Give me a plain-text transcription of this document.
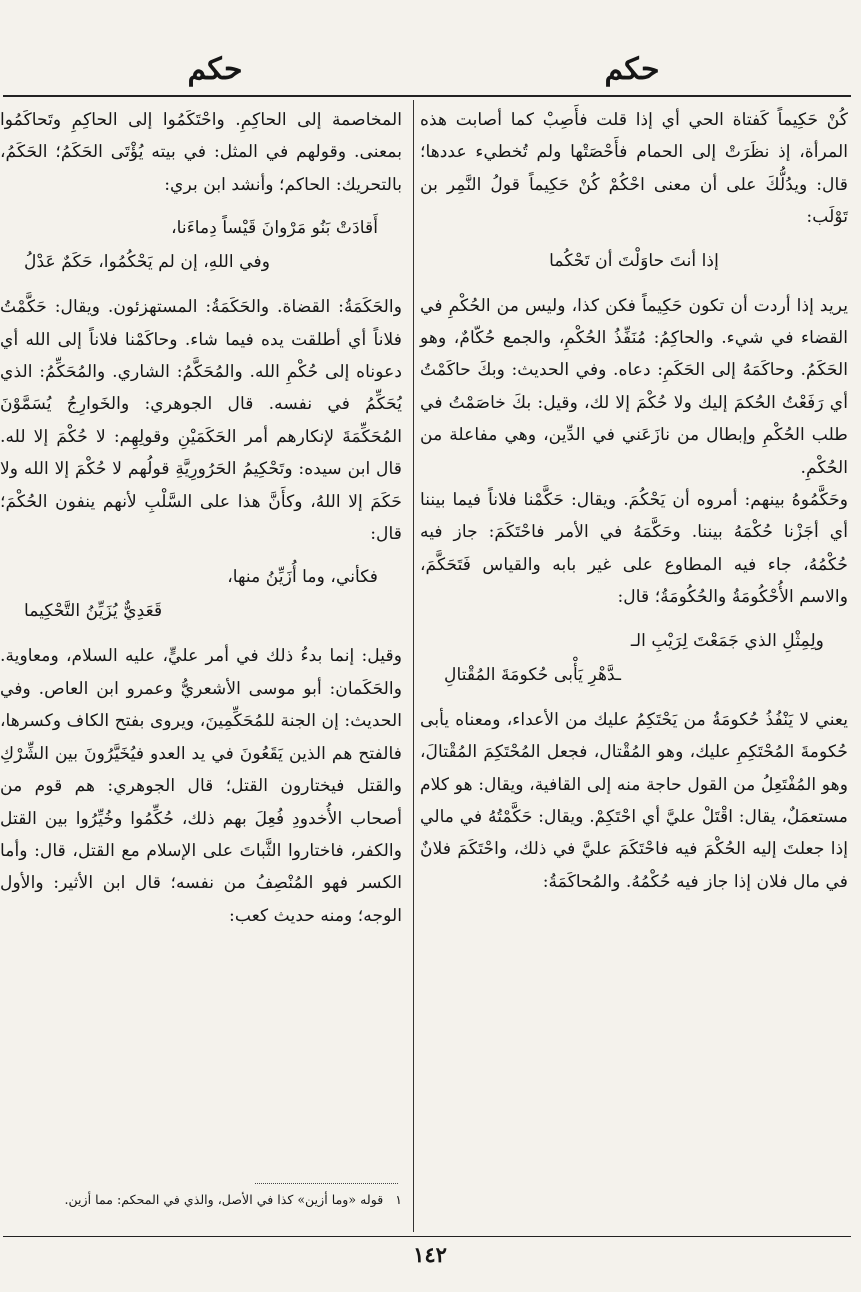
حكم
حكم

كُنْ حَكِيماً كَفتاة الحي أي إذا قلت فأَصِبْ كما أصابت هذه المرأة، إذ نظَرَتْ إلى الحمام فأَحْصَتْها ولم تُخطيء عددها؛ قال: ويدُلُّكَ على أن معنى احْكُمْ كُنْ حَكِيماً قولُ النَّمِر بن تَوْلَب:

إذا أنتَ حاوَلْتَ أن تَحْكُما

يريد إذا أردت أن تكون حَكِيماً فكن كذا، وليس من الحُكْمِ في القضاء في شيء. والحاكِمُ: مُنَفِّذُ الحُكْمِ، والجمع حُكّامٌ، وهو الحَكَمُ. وحاكَمَهُ إلى الحَكَمِ: دعاه. وفي الحديث: وبكَ حاكَمْتُ أي رَفَعْتُ الحُكمَ إليك ولا حُكْمَ إلا لك، وقيل: بكَ خاصَمْتُ في طلب الحُكْمِ وإبطال من نازَعَني في الدِّين، وهي مفاعلة من الحُكْمِ.

وحَكَّمُوهُ بينهم: أمروه أن يَحْكُمَ. ويقال: حَكَّمْنا فلاناً فيما بيننا أي أجَزْنا حُكْمَهُ بيننا. وحَكَّمَهُ في الأمر فاحْتَكَمَ: جاز فيه حُكْمُهُ، جاء فيه المطاوع على غير بابه والقياس فَتَحَكَّمَ، والاسم الأُحْكُومَةُ والحُكُومَةُ؛ قال:

ولِمِثْلِ الذي جَمَعْتَ لِرَيْبِ الـ
ـدَّهْرِ يَأْبى حُكومَةَ المُقْتالِ

يعني لا يَنْفُذُ حُكومَةُ من يَحْتَكِمُ عليك من الأعداء، ومعناه يأبى حُكومةَ المُحْتَكِمِ عليك، وهو المُقْتال، فجعل المُحْتَكِمَ المُقْتالَ، وهو المُفْتَعِلُ من القول حاجة منه إلى القافية، ويقال: هو كلام مستعمَلٌ، يقال: اقْتَلْ عليَّ أي احْتَكِمْ. ويقال: حَكَّمْتُهُ في مالي إذا جعلتَ إليه الحُكْمَ فيه فاحْتَكَمَ عليَّ في ذلك، واحْتَكَمَ فلانٌ في مال فلان إذا جاز فيه حُكْمُهُ. والمُحاكَمَةُ:

المخاصمة إلى الحاكِمِ. واحْتَكَمُوا إلى الحاكِمِ وتَحاكَمُوا بمعنى. وقولهم في المثل: في بيته يُؤْتَى الحَكَمُ؛ الحَكَمُ، بالتحريك: الحاكم؛ وأنشد ابن بري:

أَقادَتْ بَنُو مَرْوانَ قَيْساً دِماءَنا،
وفي اللهِ، إن لم يَحْكُمُوا، حَكَمٌ عَدْلُ

والحَكَمَةُ: القضاة. والحَكَمَةُ: المستهزئون. ويقال: حَكَّمْتُ فلاناً أي أطلقت يده فيما شاء. وحاكَمْنا فلاناً إلى الله أي دعوناه إلى حُكْمِ الله. والمُحَكَّمُ: الشاري. والمُحَكِّمُ: الذي يُحَكِّمُ في نفسه. قال الجوهري: والخَوارِجُ يُسَمَّوْنَ المُحَكِّمَةَ لإنكارهم أمر الحَكَمَيْنِ وقولِهِم: لا حُكْمَ إلا لله. قال ابن سيده: وتَحْكِيمُ الحَرُورِيَّةِ قولُهم لا حُكْمَ إلا الله ولا حَكَمَ إلا اللهُ، وكأَنَّ هذا على السَّلْبِ لأنهم ينفون الحُكْمَ؛ قال:

فكأني، وما أُزَيِّنُ منها،
قَعَدِيٌّ يُزَيِّنُ التَّحْكِيما

وقيل: إنما بدءُ ذلك في أمر عليٍّ، عليه السلام، ومعاوية. والحَكَمان: أبو موسى الأشعريُّ وعمرو ابن العاص. وفي الحديث: إن الجنة للمُحَكِّمِينَ، ويروى بفتح الكاف وكسرها، فالفتح هم الذين يَقَعُونَ في يد العدو فيُخَيَّرُونَ بين الشِّرْكِ والقتل فيختارون القتل؛ قال الجوهري: هم قوم من أصحاب الأُخدودِ فُعِلَ بهم ذلك، حُكِّمُوا وخُيِّرُوا بين القتل والكفر، فاختاروا الثَّباتَ على الإسلام مع القتل، قال: وأما الكسر فهو المُنْصِفُ من نفسه؛ قال ابن الأثير: والأول الوجه؛ ومنه حديث كعب:

١ قوله «وما أزين» كذا في الأصل، والذي في المحكم: مما أزين.
١٤٢
